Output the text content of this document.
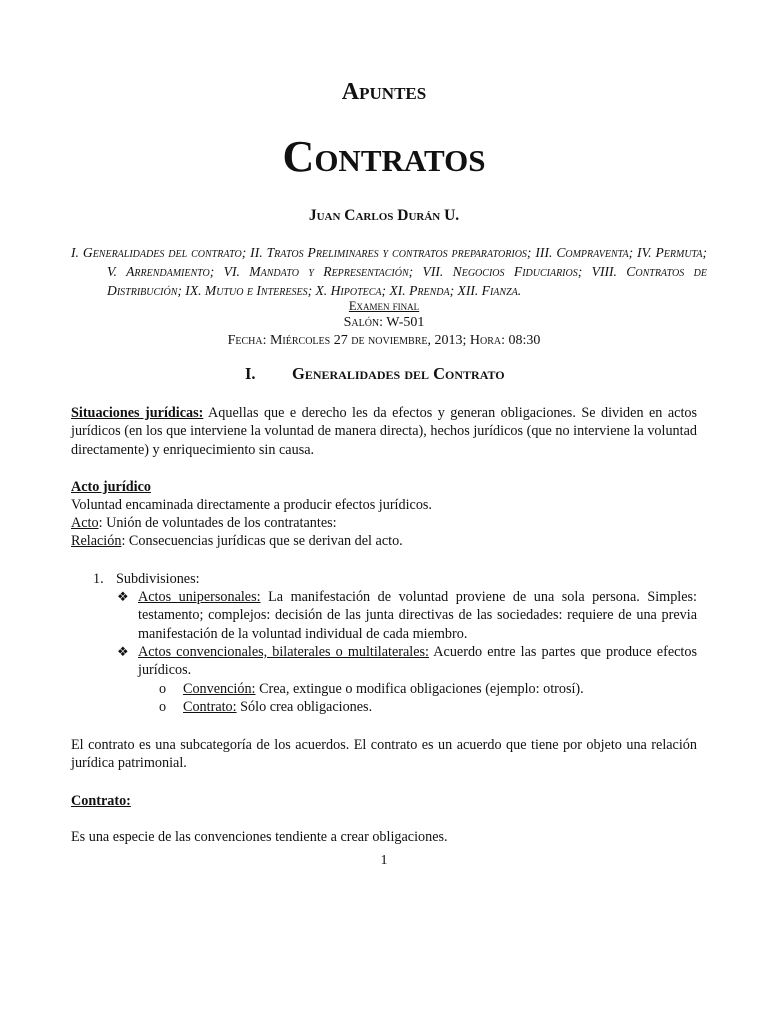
Apuntes
Contratos
Juan Carlos Durán U.
I. Generalidades del contrato; II. Tratos Preliminares y contratos preparatorios; III. Compraventa; IV. Permuta; V. Arrendamiento; VI. Mandato y Representación; VII. Negocios Fiduciarios; VIII. Contratos de Distribución; IX. Mutuo e Intereses; X. Hipoteca; XI. Prenda; XII. Fianza.
Examen final
Salón: W-501
Fecha: Miércoles 27 de noviembre, 2013; Hora: 08:30
I. Generalidades del Contrato
Situaciones jurídicas: Aquellas que e derecho les da efectos y generan obligaciones. Se dividen en actos jurídicos (en los que interviene la voluntad de manera directa), hechos jurídicos (que no interviene la voluntad directamente) y enriquecimiento sin causa.
Acto jurídico
Voluntad encaminada directamente a producir efectos jurídicos.
Acto: Unión de voluntades de los contratantes:
Relación: Consecuencias jurídicas que se derivan del acto.
1. Subdivisiones:
❖ Actos unipersonales: La manifestación de voluntad proviene de una sola persona. Simples: testamento; complejos: decisión de las junta directivas de las sociedades: requiere de una previa manifestación de la voluntad individual de cada miembro.
❖ Actos convencionales, bilaterales o multilaterales: Acuerdo entre las partes que produce efectos jurídicos.
o Convención: Crea, extingue o modifica obligaciones (ejemplo: otrosí).
o Contrato: Sólo crea obligaciones.
El contrato es una subcategoría de los acuerdos. El contrato es un acuerdo que tiene por objeto una relación jurídica patrimonial.
Contrato:
Es una especie de las convenciones tendiente a crear obligaciones.
1
